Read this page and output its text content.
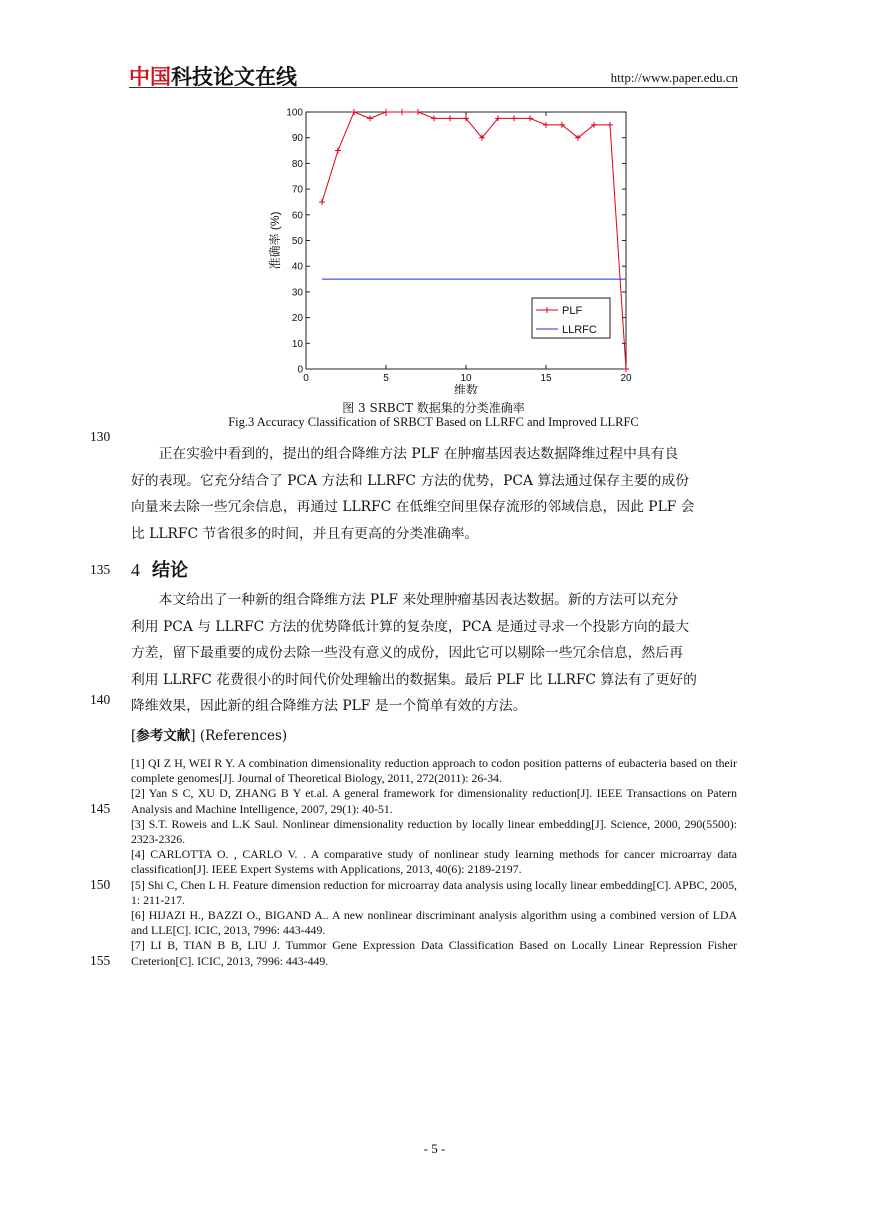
中国科技论文在线	http://www.paper.edu.cn
0
10
20
30
40
50
60
70
80
90
100
0	5	10	15	20
维数
准确率 (%)
PLF
LLRFC
图 3 SRBCT 数据集的分类准确率
Fig.3 Accuracy Classification of SRBCT Based on LLRFC and Improved LLRFC
130
135
140
145
150
155
正在实验中看到的，提出的组合降维方法 PLF 在肿瘤基因表达数据降维过程中具有良
好的表现。它充分结合了 PCA 方法和 LLRFC 方法的优势，PCA 算法通过保存主要的成份
向量来去除一些冗余信息，再通过 LLRFC 在低维空间里保存流形的邻域信息，因此 PLF 会
比 LLRFC 节省很多的时间，并且有更高的分类准确率。
4 结论
本文给出了一种新的组合降维方法 PLF 来处理肿瘤基因表达数据。新的方法可以充分
利用 PCA 与 LLRFC 方法的优势降低计算的复杂度，PCA 是通过寻求一个投影方向的最大
方差，留下最重要的成份去除一些没有意义的成份，因此它可以剔除一些冗余信息，然后再
利用 LLRFC 花费很小的时间代价处理输出的数据集。最后 PLF 比 LLRFC 算法有了更好的
降维效果，因此新的组合降维方法 PLF 是一个简单有效的方法。
[参考文献] (References)
[1] QI Z H, WEI R Y. A combination dimensionality reduction approach to codon position patterns of eubacteria based on their complete genomes[J]. Journal of Theoretical Biology, 2011, 272(2011): 26-34.
[2] Yan S C, XU D, ZHANG B Y et.al. A general framework for dimensionality reduction[J]. IEEE Transactions on Patern Analysis and Machine Intelligence, 2007, 29(1): 40-51.
[3] S.T. Roweis and L.K Saul. Nonlinear dimensionality reduction by locally linear embedding[J]. Science, 2000, 290(5500): 2323-2326.
[4] CARLOTTA O. , CARLO V. . A comparative study of nonlinear study learning methods for cancer microarray data classification[J]. IEEE Expert Systems with Applications, 2013, 40(6): 2189-2197.
[5] Shi C, Chen L H. Feature dimension reduction for microarray data analysis using locally linear embedding[C]. APBC, 2005, 1: 211-217.
[6] HIJAZI H., BAZZI O., BIGAND A.. A new nonlinear discriminant analysis algorithm using a combined version of LDA and LLE[C]. ICIC, 2013, 7996: 443-449.
[7] LI B, TIAN B B, LIU J. Tummor Gene Expression Data Classification Based on Locally Linear Repression Fisher Creterion[C]. ICIC, 2013, 7996: 443-449.
- 5 -
